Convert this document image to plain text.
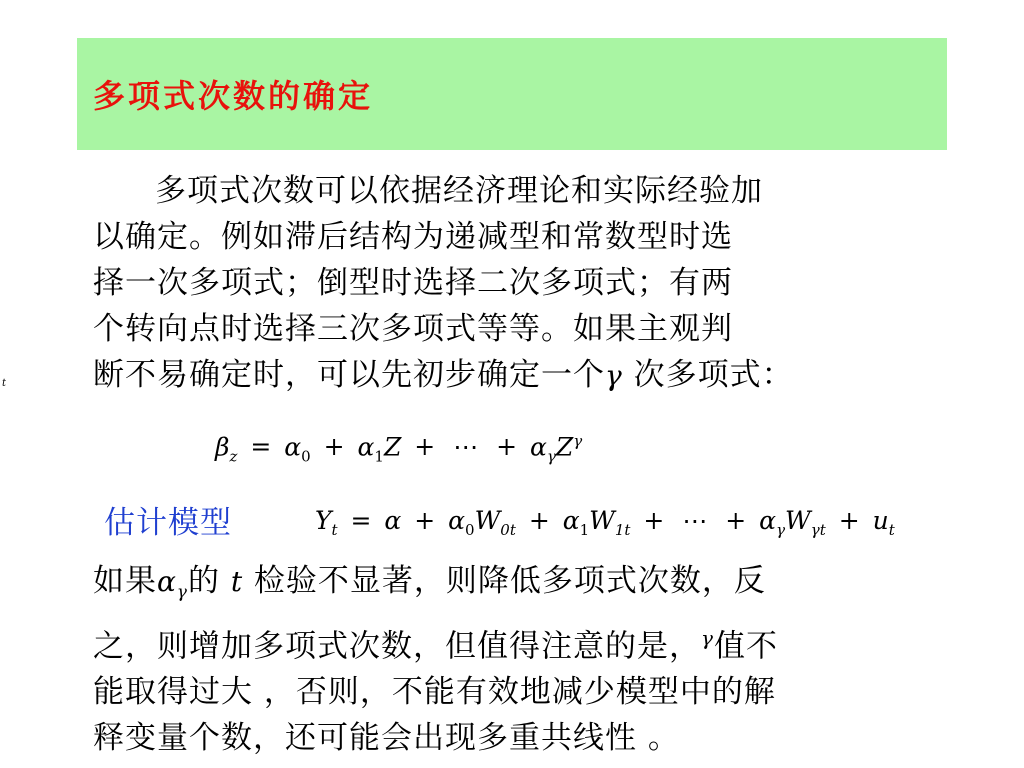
多项式次数的确定
t

多项式次数可以依据经济理论和实际经验加
以确定。例如滞后结构为递减型和常数型时选
择一次多项式；倒型时选择二次多项式；有两
个转向点时选择三次多项式等等。如果主观判
断不易确定时，可以先初步确定一个γ 次多项式：

$\beta_z = \alpha_0 + \alpha_1Z$ + ⋯ + $\alpha_\gamma Z^\gamma$
估计模型	$Y_t = \alpha + \alpha_0W_{0t} + \alpha_1W_{1t}$ + ⋯ + $\alpha_\gamma W_{\gamma t} + u_t$

如果$\alpha_\gamma$的 t 检验不显著，则降低多项式次数，反
之，则增加多项式次数，但值得注意的是，$^\gamma$值不
能取得过大 ，否则，不能有效地减少模型中的解
释变量个数，还可能会出现多重共线性 。
